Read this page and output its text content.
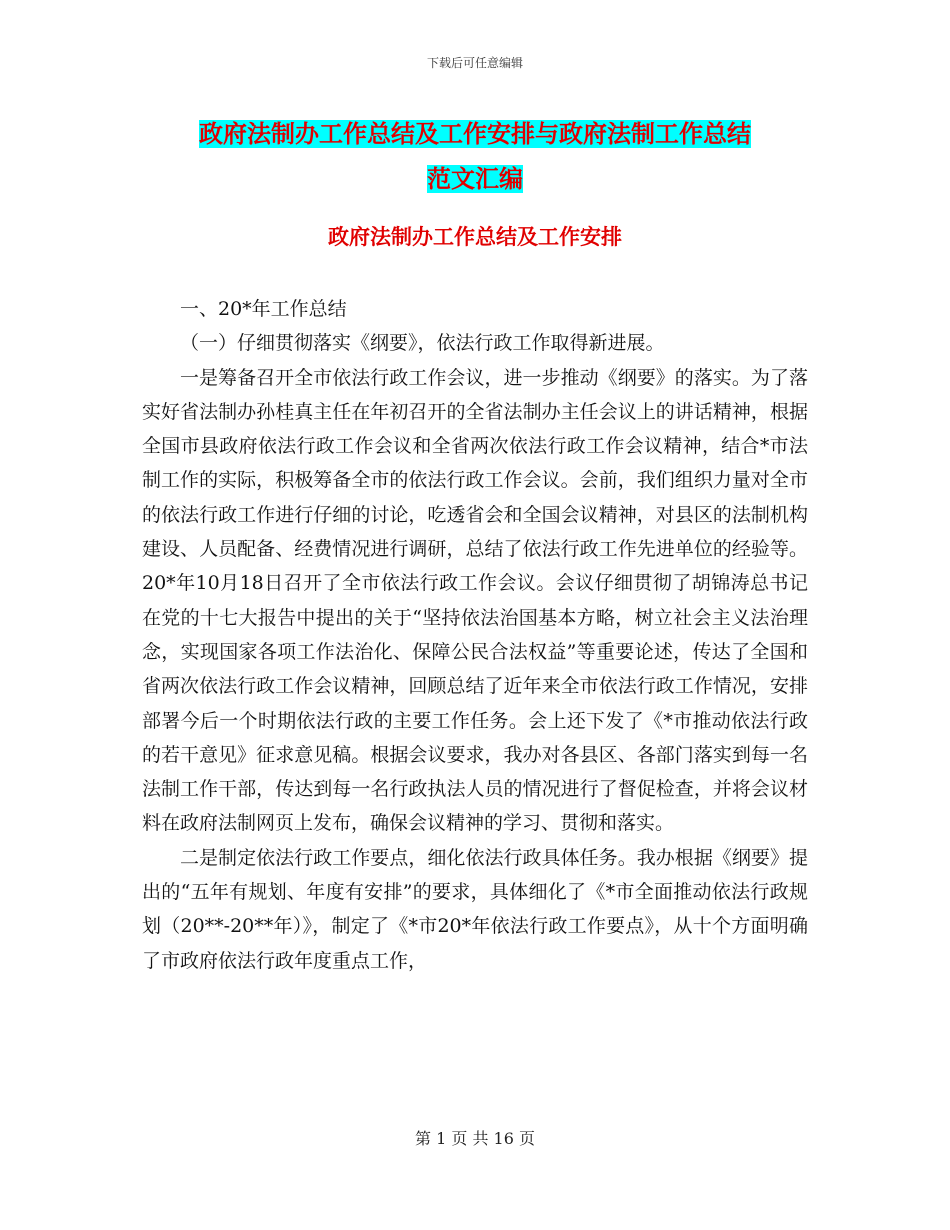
下载后可任意编辑
政府法制办工作总结及工作安排与政府法制工作总结
范文汇编
政府法制办工作总结及工作安排

一、20*年工作总结

（一）仔细贯彻落实《纲要》，依法行政工作取得新进展。

一是筹备召开全市依法行政工作会议，进一步推动《纲要》的落实。为了落实好省法制办孙桂真主任在年初召开的全省法制办主任会议上的讲话精神，根据全国市县政府依法行政工作会议和全省两次依法行政工作会议精神，结合*市法制工作的实际，积极筹备全市的依法行政工作会议。会前，我们组织力量对全市的依法行政工作进行仔细的讨论，吃透省会和全国会议精神，对县区的法制机构建设、人员配备、经费情况进行调研，总结了依法行政工作先进单位的经验等。20*年10月18日召开了全市依法行政工作会议。会议仔细贯彻了胡锦涛总书记在党的十七大报告中提出的关于“坚持依法治国基本方略，树立社会主义法治理念，实现国家各项工作法治化、保障公民合法权益”等重要论述，传达了全国和省两次依法行政工作会议精神，回顾总结了近年来全市依法行政工作情况，安排部署今后一个时期依法行政的主要工作任务。会上还下发了《*市推动依法行政的若干意见》征求意见稿。根据会议要求，我办对各县区、各部门落实到每一名法制工作干部，传达到每一名行政执法人员的情况进行了督促检查，并将会议材料在政府法制网页上发布，确保会议精神的学习、贯彻和落实。

二是制定依法行政工作要点，细化依法行政具体任务。我办根据《纲要》提出的“五年有规划、年度有安排”的要求，具体细化了《*市全面推动依法行政规划（20**-20**年）》，制定了《*市20*年依法行政工作要点》，从十个方面明确了市政府依法行政年度重点工作，

第 1 页 共 16 页
